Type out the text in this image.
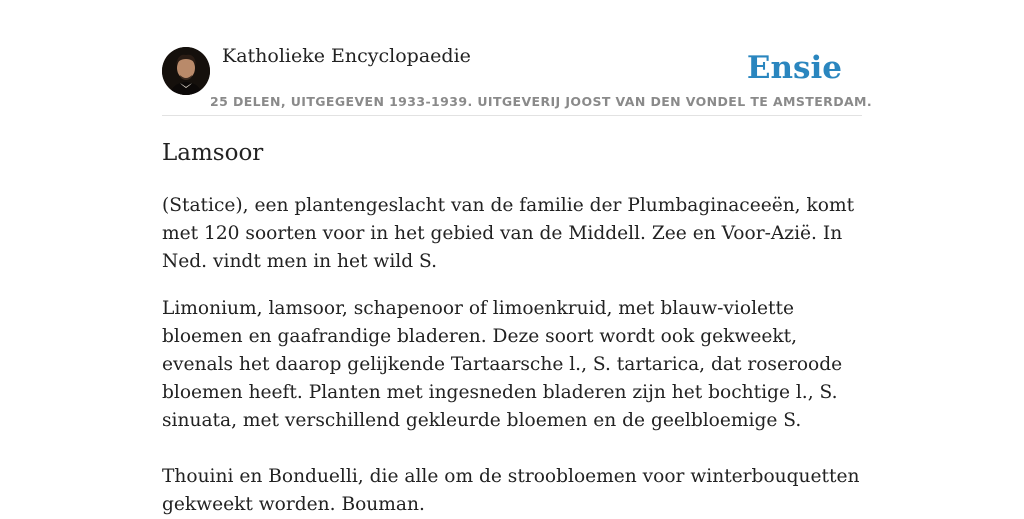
Katholieke Encyclopaedie
25 DELEN, UITGEGEVEN 1933-1939. UITGEVERIJ JOOST VAN DEN VONDEL TE AMSTERDAM.
Ensie
Lamsoor

(Statice), een plantengeslacht van de familie der Plumbaginaceeën, komt met 120 soorten voor in het gebied van de Middell. Zee en Voor-Azië. In Ned. vindt men in het wild S.

Limonium, lamsoor, schapenoor of limoenkruid, met blauw-violette bloemen en gaafrandige bladeren. Deze soort wordt ook gekweekt, evenals het daarop gelijkende Tartaarsche l., S. tartarica, dat roseroode bloemen heeft. Planten met ingesneden bladeren zijn het bochtige l., S. sinuata, met verschillend gekleurde bloemen en de geelbloemige S.

Thouini en Bonduelli, die alle om de stroobloemen voor winterbouquetten gekweekt worden. Bouman.
